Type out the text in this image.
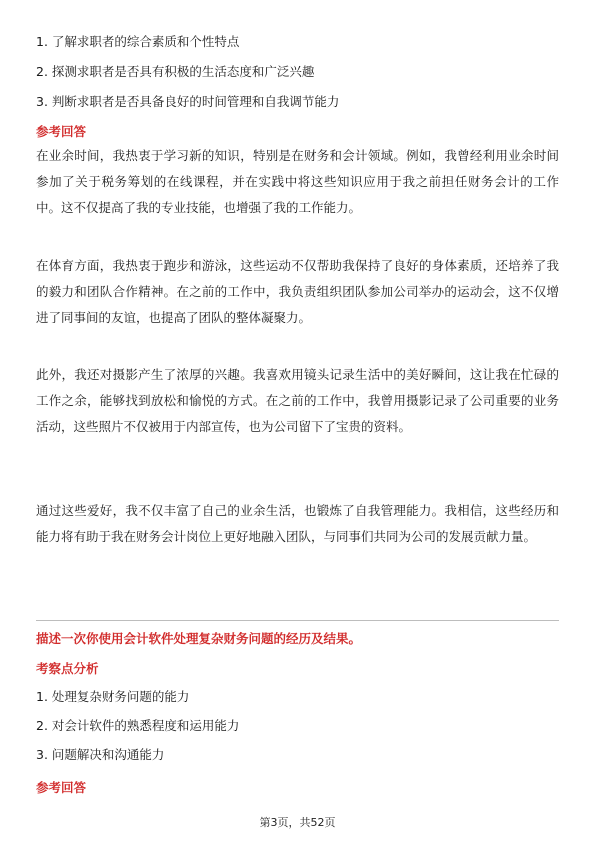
1. 了解求职者的综合素质和个性特点
2. 探测求职者是否具有积极的生活态度和广泛兴趣
3. 判断求职者是否具备良好的时间管理和自我调节能力
参考回答
在业余时间，我热衷于学习新的知识，特别是在财务和会计领域。例如，我曾经利用业余时间参加了关于税务筹划的在线课程，并在实践中将这些知识应用于我之前担任财务会计的工作中。这不仅提高了我的专业技能，也增强了我的工作能力。
在体育方面，我热衷于跑步和游泳，这些运动不仅帮助我保持了良好的身体素质，还培养了我的毅力和团队合作精神。在之前的工作中，我负责组织团队参加公司举办的运动会，这不仅增进了同事间的友谊，也提高了团队的整体凝聚力。
此外，我还对摄影产生了浓厚的兴趣。我喜欢用镜头记录生活中的美好瞬间，这让我在忙碌的工作之余，能够找到放松和愉悦的方式。在之前的工作中，我曾用摄影记录了公司重要的业务活动，这些照片不仅被用于内部宣传，也为公司留下了宝贵的资料。
通过这些爱好，我不仅丰富了自己的业余生活，也锻炼了自我管理能力。我相信，这些经历和能力将有助于我在财务会计岗位上更好地融入团队，与同事们共同为公司的发展贡献力量。
描述一次你使用会计软件处理复杂财务问题的经历及结果。
考察点分析
1. 处理复杂财务问题的能力
2. 对会计软件的熟悉程度和运用能力
3. 问题解决和沟通能力
参考回答
第3页，共52页
